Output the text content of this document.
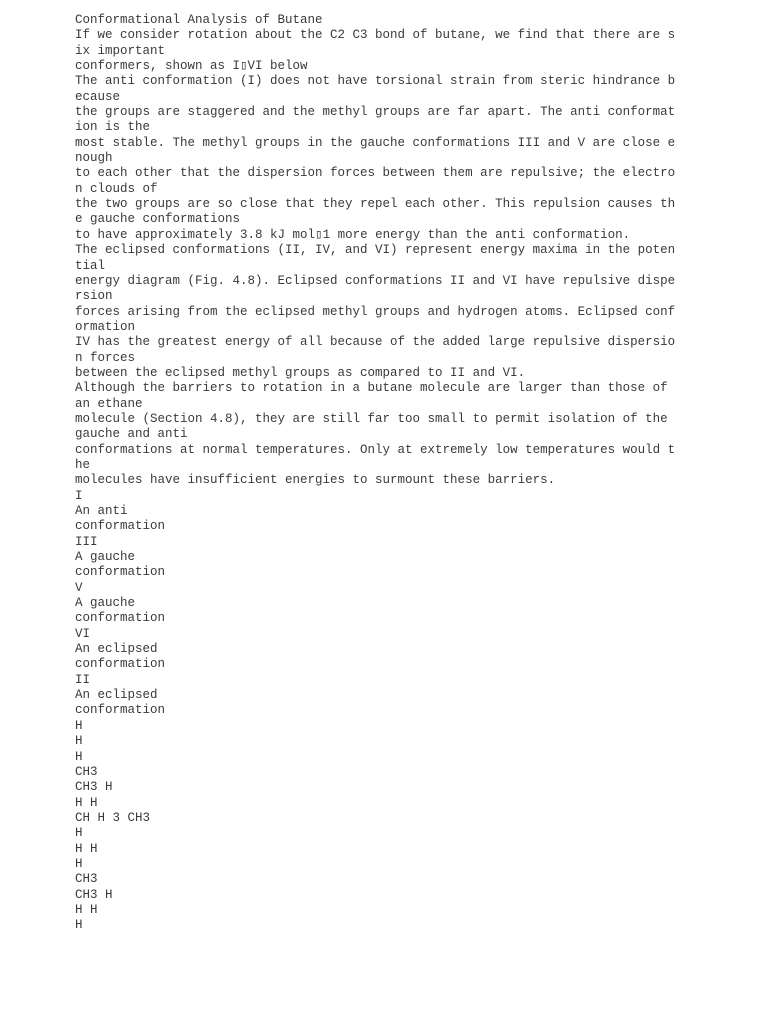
Conformational Analysis of Butane
If we consider rotation about the C2 C3 bond of butane, we find that there are s
ix important
conformers, shown as I▯VI below
The anti conformation (I) does not have torsional strain from steric hindrance b
ecause
the groups are staggered and the methyl groups are far apart. The anti conformat
ion is the
most stable. The methyl groups in the gauche conformations III and V are close e
nough
to each other that the dispersion forces between them are repulsive; the electro
n clouds of
the two groups are so close that they repel each other. This repulsion causes th
e gauche conformations
to have approximately 3.8 kJ mol▯1 more energy than the anti conformation.
The eclipsed conformations (II, IV, and VI) represent energy maxima in the poten
tial
energy diagram (Fig. 4.8). Eclipsed conformations II and VI have repulsive dispe
rsion
forces arising from the eclipsed methyl groups and hydrogen atoms. Eclipsed conf
ormation
IV has the greatest energy of all because of the added large repulsive dispersio
n forces
between the eclipsed methyl groups as compared to II and VI.
Although the barriers to rotation in a butane molecule are larger than those of
an ethane
molecule (Section 4.8), they are still far too small to permit isolation of the
gauche and anti
conformations at normal temperatures. Only at extremely low temperatures would t
he
molecules have insufficient energies to surmount these barriers.
I
An anti
conformation
III
A gauche
conformation
V
A gauche
conformation
VI
An eclipsed
conformation
II
An eclipsed
conformation
H
H
H
CH3
CH3 H
H H
CH H 3 CH3
H
H H
H
CH3
CH3 H
H H
H
